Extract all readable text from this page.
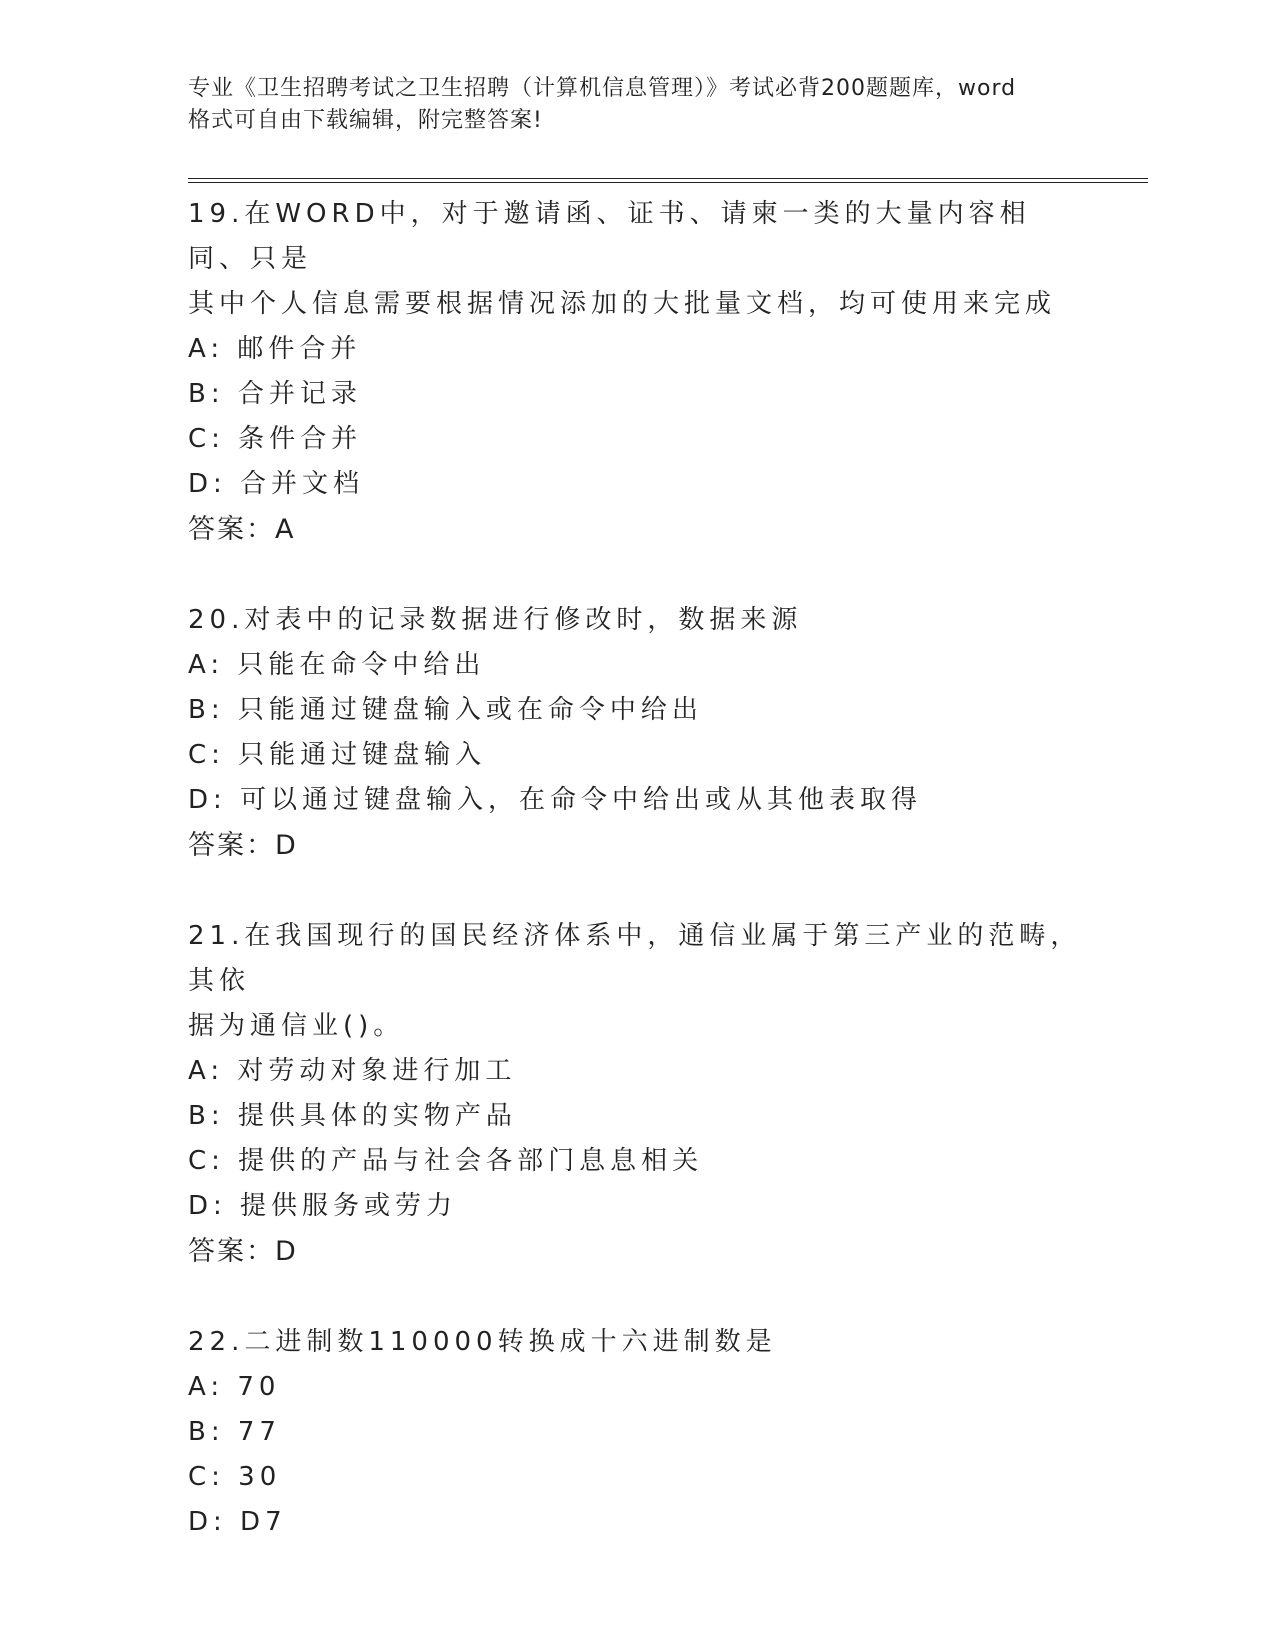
专业《卫生招聘考试之卫生招聘（计算机信息管理）》考试必背200题题库，word
格式可自由下载编辑，附完整答案!
19.在WORD中，对于邀请函、证书、请柬一类的大量内容相同、只是
其中个人信息需要根据情况添加的大批量文档，均可使用来完成
A: 邮件合并
B: 合并记录
C: 条件合并
D: 合并文档
答案：A
20.对表中的记录数据进行修改时，数据来源
A: 只能在命令中给出
B: 只能通过键盘输入或在命令中给出
C: 只能通过键盘输入
D: 可以通过键盘输入，在命令中给出或从其他表取得
答案：D
21.在我国现行的国民经济体系中，通信业属于第三产业的范畴，其依
据为通信业()。
A: 对劳动对象进行加工
B: 提供具体的实物产品
C: 提供的产品与社会各部门息息相关
D: 提供服务或劳力
答案：D
22.二进制数110000转换成十六进制数是
A: 70
B: 77
C: 30
D: D7
